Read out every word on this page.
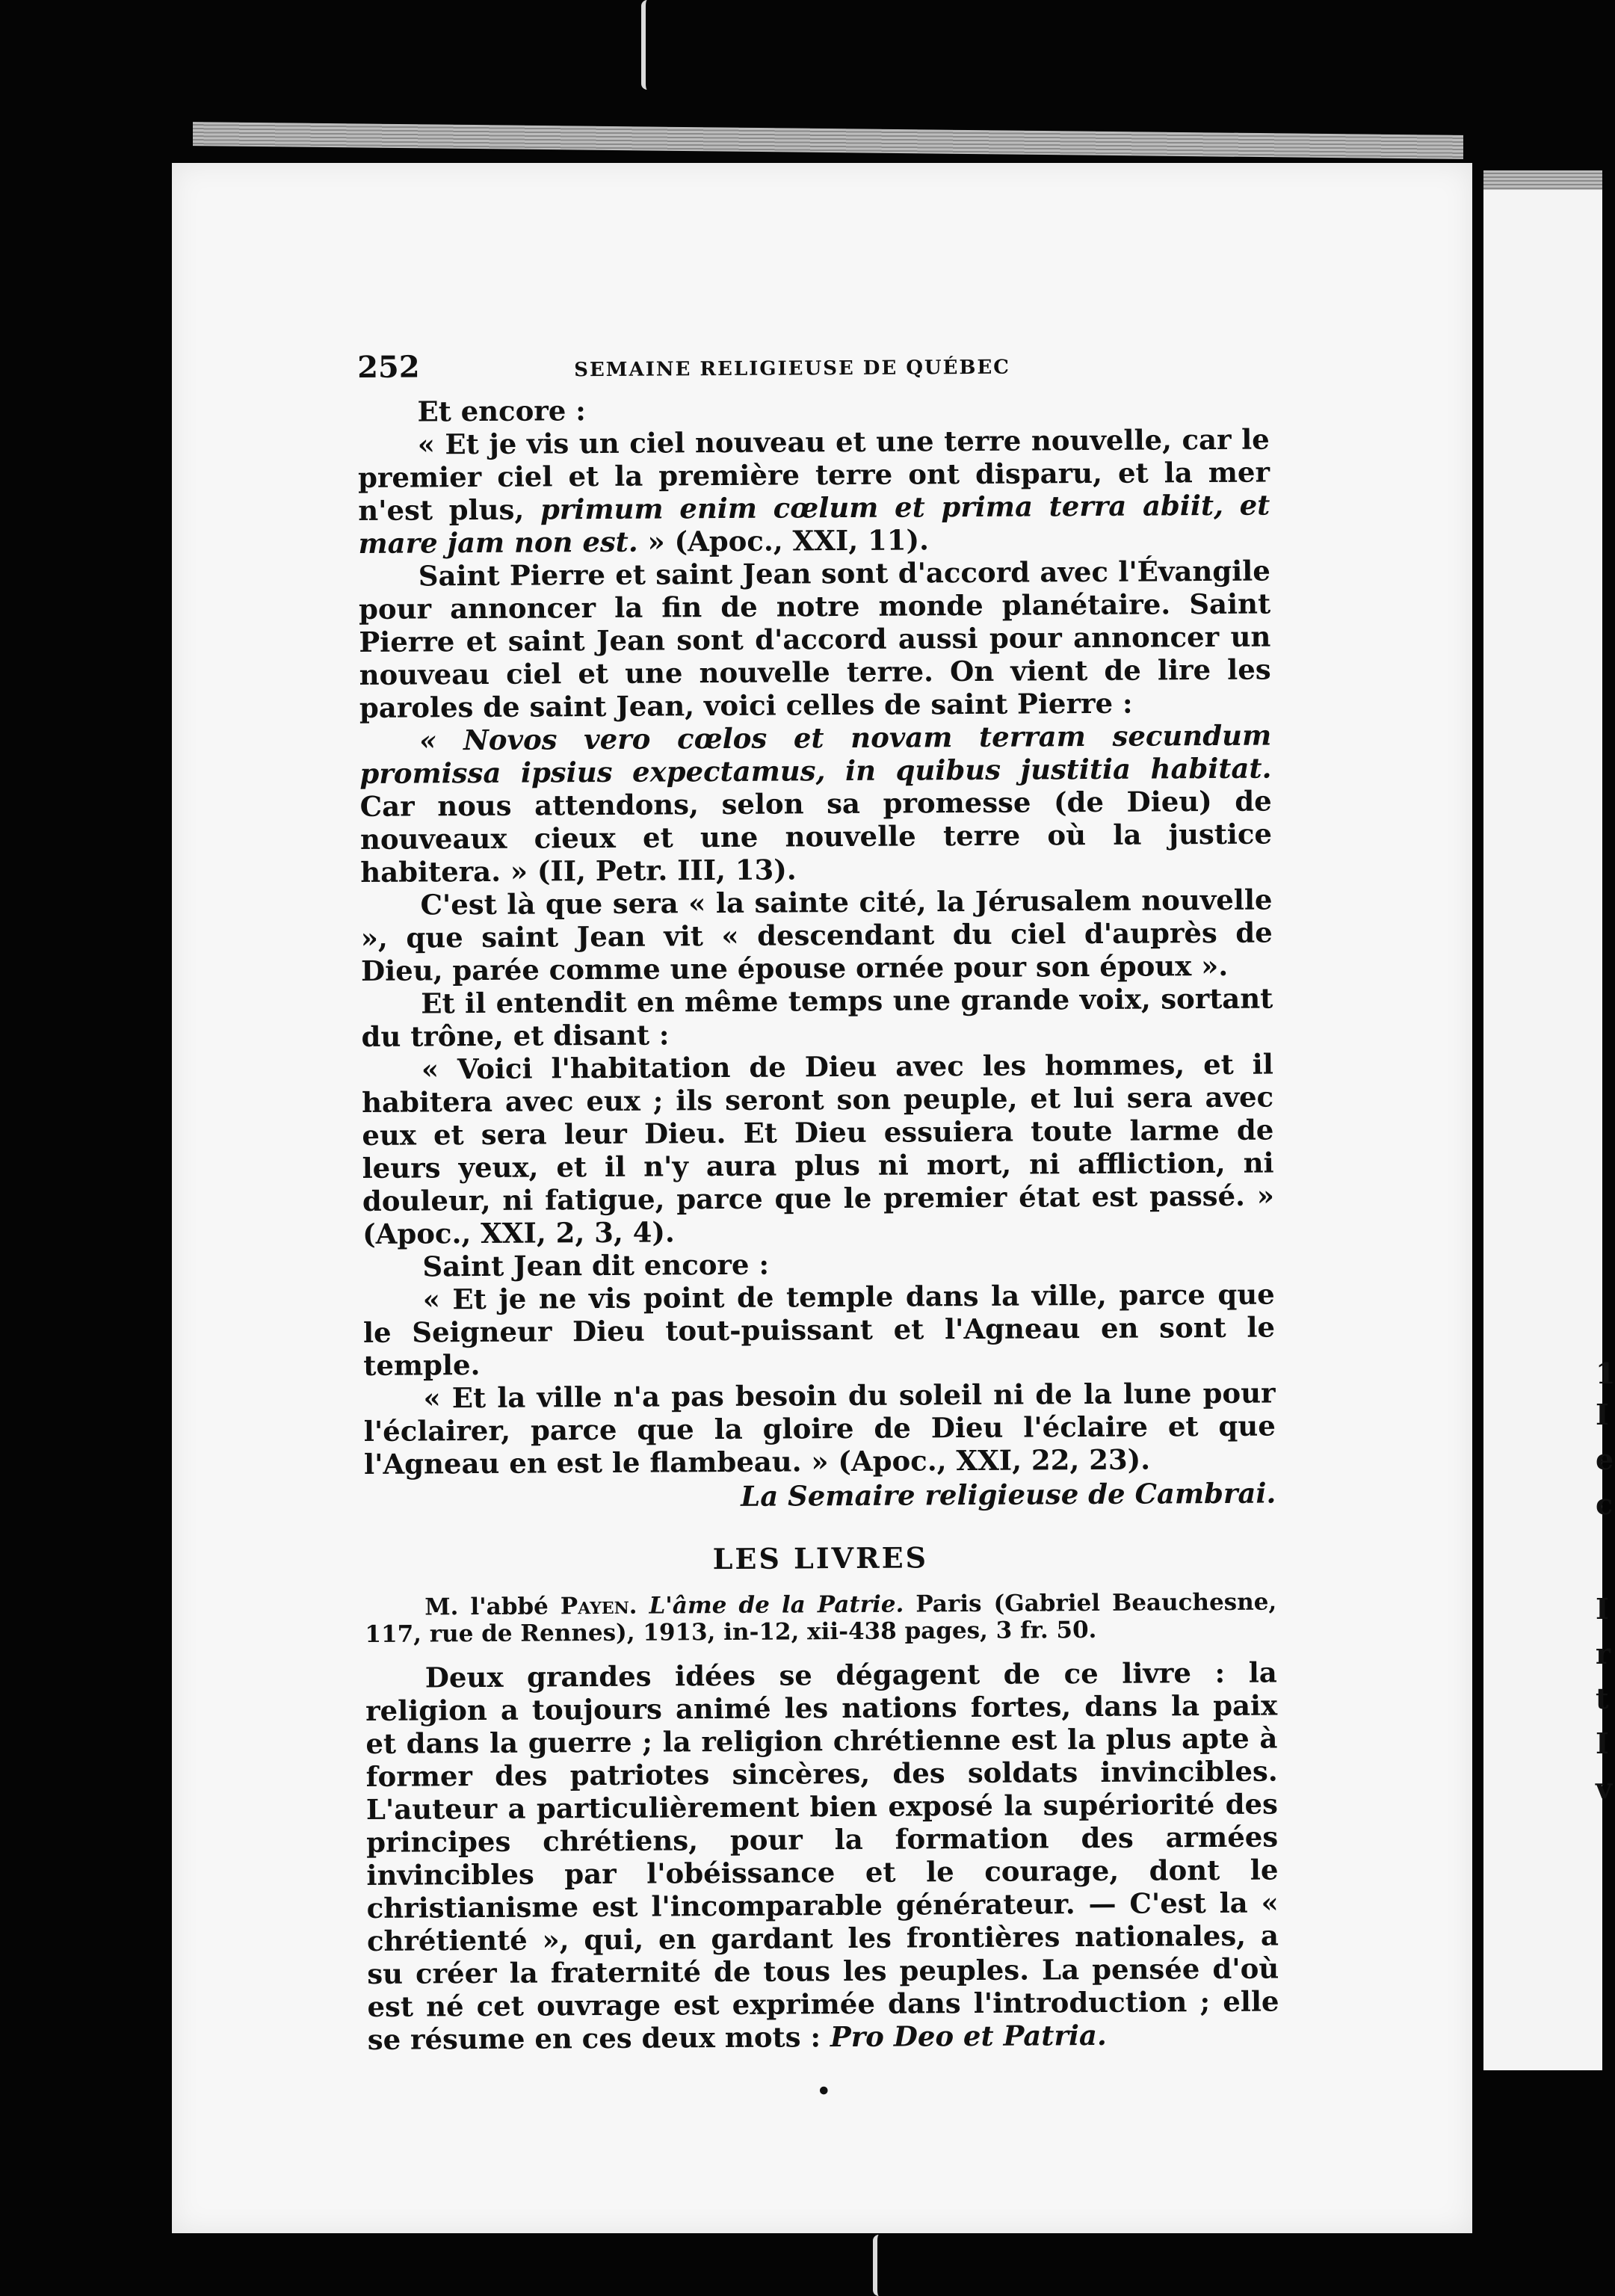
1
I
e
c
I
r
t
I
v
252	SEMAINE RELIGIEUSE DE QUÉBEC

Et encore :

« Et je vis un ciel nouveau et une terre nouvelle, car le premier ciel et la première terre ont disparu, et la mer n'est plus, primum enim cœlum et prima terra abiit, et mare jam non est. » (Apoc., XXI, 11).

Saint Pierre et saint Jean sont d'accord avec l'Évangile pour annoncer la fin de notre monde planétaire. Saint Pierre et saint Jean sont d'accord aussi pour annoncer un nouveau ciel et une nouvelle terre. On vient de lire les paroles de saint Jean, voici celles de saint Pierre :

« Novos vero cœlos et novam terram secundum promissa ipsius expectamus, in quibus justitia habitat. Car nous attendons, selon sa promesse (de Dieu) de nouveaux cieux et une nouvelle terre où la justice habitera. » (II, Petr. III, 13).

C'est là que sera « la sainte cité, la Jérusalem nouvelle », que saint Jean vit « descendant du ciel d'auprès de Dieu, parée comme une épouse ornée pour son époux ».

Et il entendit en même temps une grande voix, sortant du trône, et disant :

« Voici l'habitation de Dieu avec les hommes, et il habitera avec eux ; ils seront son peuple, et lui sera avec eux et sera leur Dieu. Et Dieu essuiera toute larme de leurs yeux, et il n'y aura plus ni mort, ni affliction, ni douleur, ni fatigue, parce que le premier état est passé. » (Apoc., XXI, 2, 3, 4).

Saint Jean dit encore :

« Et je ne vis point de temple dans la ville, parce que le Seigneur Dieu tout-puissant et l'Agneau en sont le temple.

« Et la ville n'a pas besoin du soleil ni de la lune pour l'éclairer, parce que la gloire de Dieu l'éclaire et que l'Agneau en est le flambeau. » (Apoc., XXI, 22, 23).

La Semaire religieuse de Cambrai.
LES LIVRES

M. l'abbé Payen. L'âme de la Patrie. Paris (Gabriel Beauchesne, 117, rue de Rennes), 1913, in-12, xii-438 pages, 3 fr. 50.

Deux grandes idées se dégagent de ce livre : la religion a toujours animé les nations fortes, dans la paix et dans la guerre ; la religion chrétienne est la plus apte à former des patriotes sincères, des soldats invincibles. L'auteur a particulièrement bien exposé la supériorité des principes chrétiens, pour la formation des armées invincibles par l'obéissance et le courage, dont le christianisme est l'incomparable générateur. — C'est la « chrétienté », qui, en gardant les frontières nationales, a su créer la fraternité de tous les peuples. La pensée d'où est né cet ouvrage est exprimée dans l'introduction ; elle se résume en ces deux mots : Pro Deo et Patria.

•
